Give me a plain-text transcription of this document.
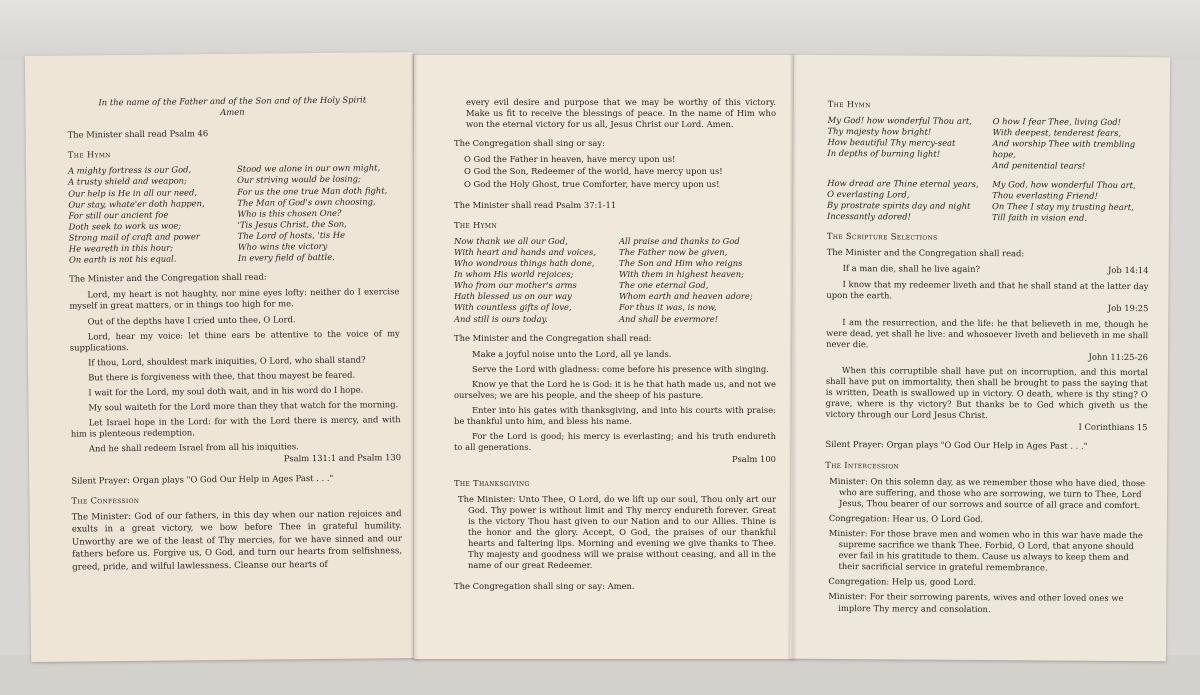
In the name of the Father and of the Son and of the Holy Spirit

Amen

The Minister shall read Psalm 46

The Hymn

A mighty fortress is our God,

A trusty shield and weapon;

Our help is He in all our need,

Our stay, whate'er doth happen,

For still our ancient foe

Doth seek to work us woe;

Strong mail of craft and power

He weareth in this hour;

On earth is not his equal.

Stood we alone in our own might,

Our striving would be losing;

For us the one true Man doth fight,

The Man of God's own choosing,

Who is this chosen One?

'Tis Jesus Christ, the Son,

The Lord of hosts, 'tis He

Who wins the victory

In every field of battle.

The Minister and the Congregation shall read:

Lord, my heart is not haughty, nor mine eyes lofty: neither do I exercise myself in great matters, or in things too high for me.

Out of the depths have I cried unto thee, O Lord.

Lord, hear my voice: let thine ears be attentive to the voice of my supplications.

If thou, Lord, shouldest mark iniquities, O Lord, who shall stand?

But there is forgiveness with thee, that thou mayest be feared.

I wait for the Lord, my soul doth wait, and in his word do I hope.

My soul waiteth for the Lord more than they that watch for the morning.

Let Israel hope in the Lord: for with the Lord there is mercy, and with him is plenteous redemption.

And he shall redeem Israel from all his iniquities.

Psalm 131:1 and Psalm 130

Silent Prayer: Organ plays "O God Our Help in Ages Past . . ."

The Confession

The Minister: God of our fathers, in this day when our nation rejoices and exults in a great victory, we bow before Thee in grateful humility. Unworthy are we of the least of Thy mercies, for we have sinned and our fathers before us. Forgive us, O God, and turn our hearts from selfishness, greed, pride, and wilful lawlessness. Cleanse our hearts of

every evil desire and purpose that we may be worthy of this victory. Make us fit to receive the blessings of peace. In the name of Him who won the eternal victory for us all, Jesus Christ our Lord. Amen.

The Congregation shall sing or say:

O God the Father in heaven, have mercy upon us!

O God the Son, Redeemer of the world, have mercy upon us!

O God the Holy Ghost, true Comforter, have mercy upon us!

The Minister shall read Psalm 37:1-11

The Hymn

Now thank we all our God,

With heart and hands and voices,

Who wondrous things hath done,

In whom His world rejoices;

Who from our mother's arms

Hath blessed us on our way

With countless gifts of love,

And still is ours today.

All praise and thanks to God

The Father now be given,

The Son and Him who reigns

With them in highest heaven;

The one eternal God,

Whom earth and heaven adore;

For thus it was, is now,

And shall be evermore!

The Minister and the Congregation shall read:

Make a joyful noise unto the Lord, all ye lands.

Serve the Lord with gladness: come before his presence with singing.

Know ye that the Lord he is God: it is he that hath made us, and not we ourselves; we are his people, and the sheep of his pasture.

Enter into his gates with thanksgiving, and into his courts with praise: be thankful unto him, and bless his name.

For the Lord is good; his mercy is everlasting; and his truth endureth to all generations.

Psalm 100

The Thanksgiving

The Minister: Unto Thee, O Lord, do we lift up our soul, Thou only art our God. Thy power is without limit and Thy mercy endureth forever. Great is the victory Thou hast given to our Nation and to our Allies. Thine is the honor and the glory. Accept, O God, the praises of our thankful hearts and faltering lips. Morning and evening we give thanks to Thee. Thy majesty and goodness will we praise without ceasing, and all in the name of our great Redeemer.

The Congregation shall sing or say: Amen.

The Hymn

My God! how wonderful Thou art,

Thy majesty how bright!

How beautiful Thy mercy-seat

In depths of burning light!

O how I fear Thee, living God!

With deepest, tenderest fears,

And worship Thee with trembling hope,

And penitential tears!

How dread are Thine eternal years,

O everlasting Lord,

By prostrate spirits day and night

Incessantly adored!

My God, how wonderful Thou art,

Thou everlasting Friend!

On Thee I stay my trusting heart,

Till faith in vision end.

The Scripture Selections

The Minister and the Congregation shall read:

If a man die, shall he live again?	Job 14:14

I know that my redeemer liveth and that he shall stand at the latter day upon the earth.

Job 19:25

I am the resurrection, and the life: he that believeth in me, though he were dead, yet shall he live: and whosoever liveth and believeth in me shall never die.

John 11:25-26

When this corruptible shall have put on incorruption, and this mortal shall have put on immortality, then shall be brought to pass the saying that is written, Death is swallowed up in victory. O death, where is thy sting? O grave, where is thy victory? But thanks be to God which giveth us the victory through our Lord Jesus Christ.

I Corinthians 15

Silent Prayer: Organ plays "O God Our Help in Ages Past . . ."

The Intercession

Minister: On this solemn day, as we remember those who have died, those who are suffering, and those who are sorrowing, we turn to Thee, Lord Jesus, Thou bearer of our sorrows and source of all grace and comfort.

Congregation: Hear us, O Lord God.

Minister: For those brave men and women who in this war have made the supreme sacrifice we thank Thee. Forbid, O Lord, that anyone should ever fail in his gratitude to them. Cause us always to keep them and their sacrificial service in grateful remembrance.

Congregation: Help us, good Lord.

Minister: For their sorrowing parents, wives and other loved ones we implore Thy mercy and consolation.
